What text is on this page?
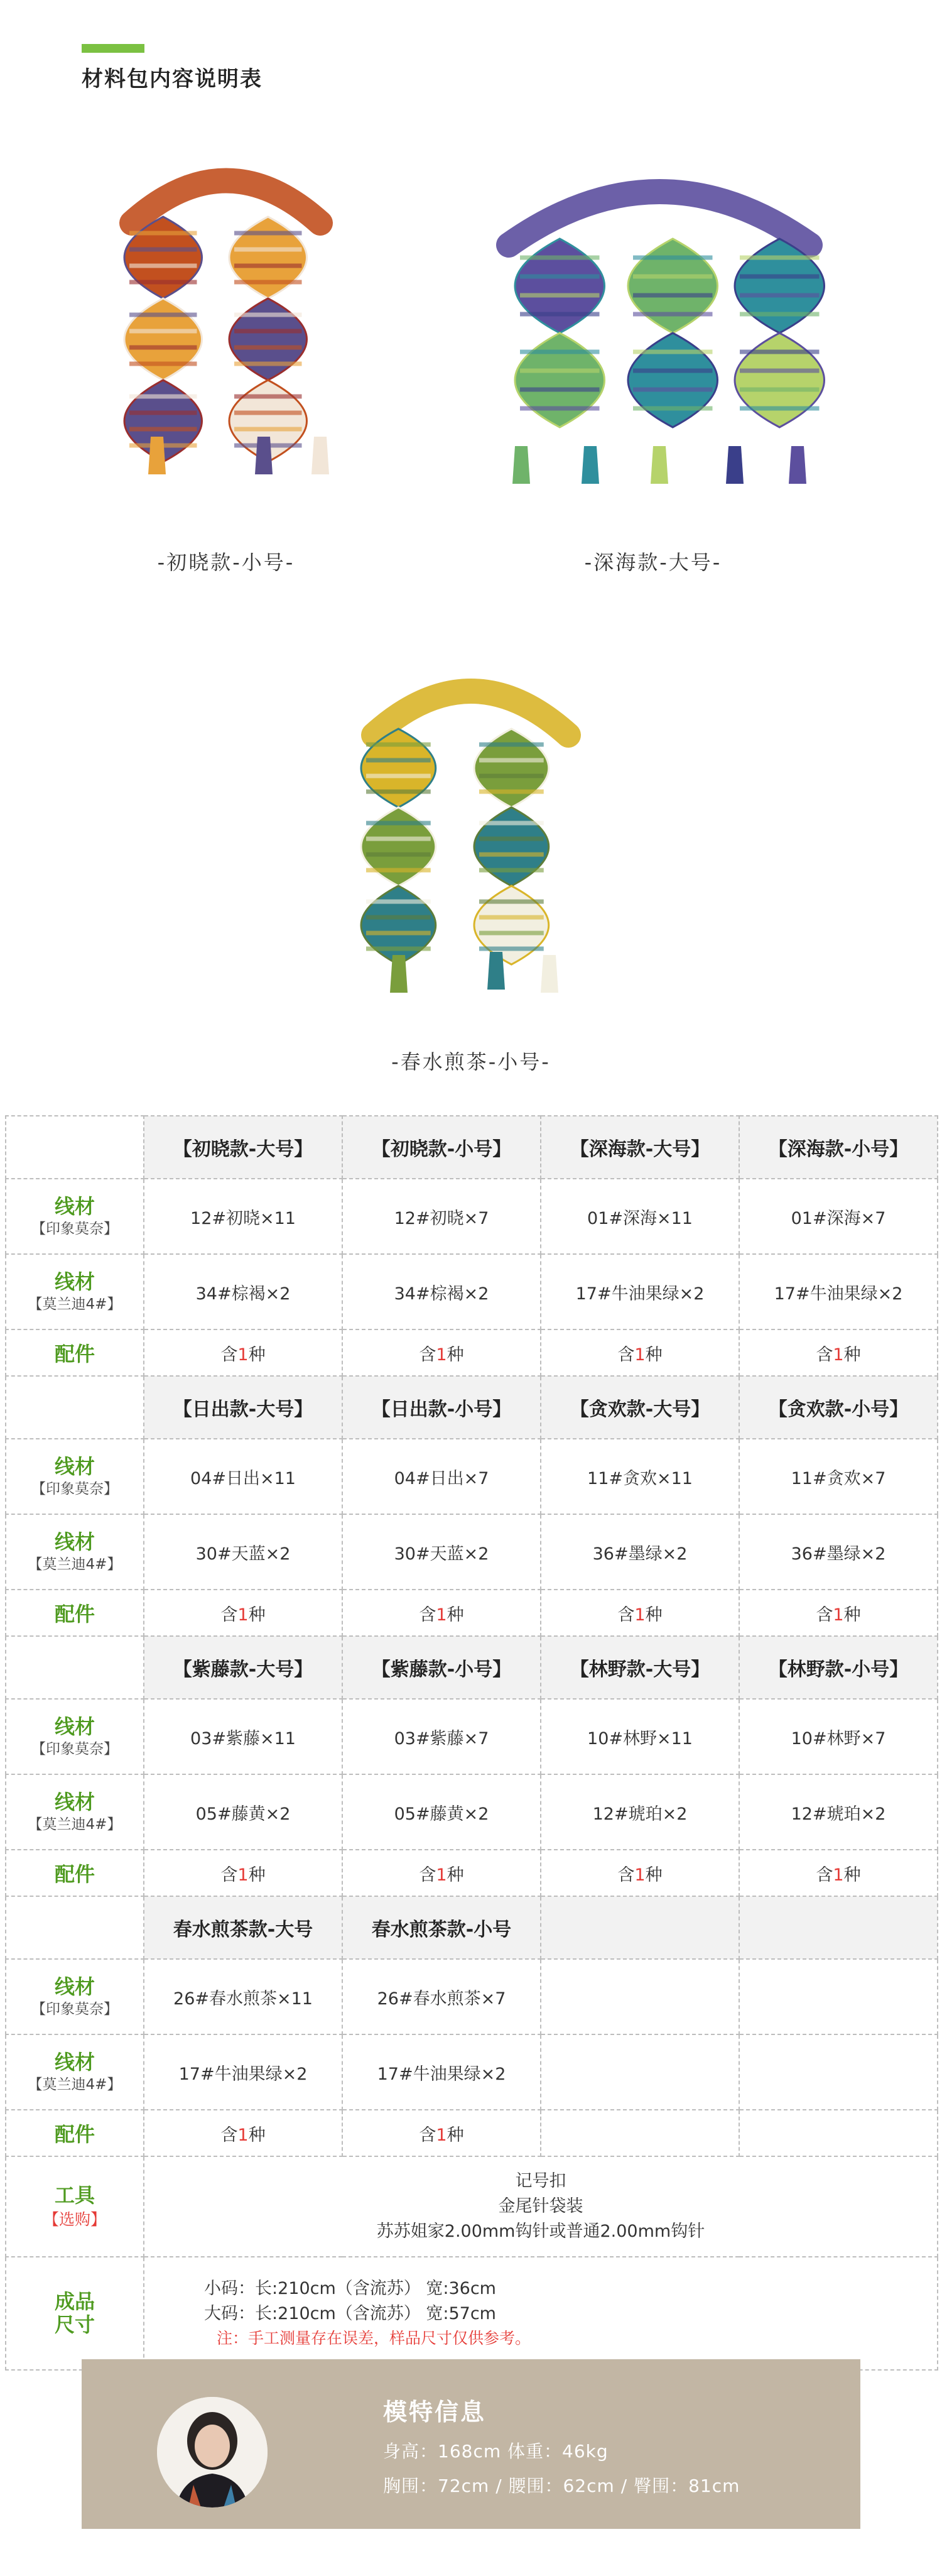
材料包内容说明表
-初晓款-小号-	-深海款-大号-
-春水煎茶-小号-
	【初晓款-大号】	【初晓款-小号】	【深海款-大号】	【深海款-小号】

线材
【印象莫奈】	12#初晓×11	12#初晓×7	01#深海×11	01#深海×7

线材
【莫兰迪4#】	34#棕褐×2	34#棕褐×2	17#牛油果绿×2	17#牛油果绿×2
配件	含1种	含1种	含1种	含1种
	【日出款-大号】	【日出款-小号】	【贪欢款-大号】	【贪欢款-小号】

线材
【印象莫奈】	04#日出×11	04#日出×7	11#贪欢×11	11#贪欢×7

线材
【莫兰迪4#】	30#天蓝×2	30#天蓝×2	36#墨绿×2	36#墨绿×2
配件	含1种	含1种	含1种	含1种
	【紫藤款-大号】	【紫藤款-小号】	【林野款-大号】	【林野款-小号】

线材
【印象莫奈】	03#紫藤×11	03#紫藤×7	10#林野×11	10#林野×7

线材
【莫兰迪4#】	05#藤黄×2	05#藤黄×2	12#琥珀×2	12#琥珀×2
配件	含1种	含1种	含1种	含1种
	春水煎茶款-大号	春水煎茶款-小号		

线材
【印象莫奈】	26#春水煎茶×11	26#春水煎茶×7		

线材
【莫兰迪4#】	17#牛油果绿×2	17#牛油果绿×2		
配件	含1种	含1种		

工具
【选购】	记号扣
金尾针袋装
苏苏姐家2.00mm钩针或普通2.00mm钩针			

成品
尺寸	小码：长:210cm（含流苏） 宽:36cm
大码：长:210cm（含流苏） 宽:57cm
注：手工测量存在误差，样品尺寸仅供参考。			
模特信息
身高：168cm 体重：46kg
胸围：72cm / 腰围：62cm / 臀围：81cm
